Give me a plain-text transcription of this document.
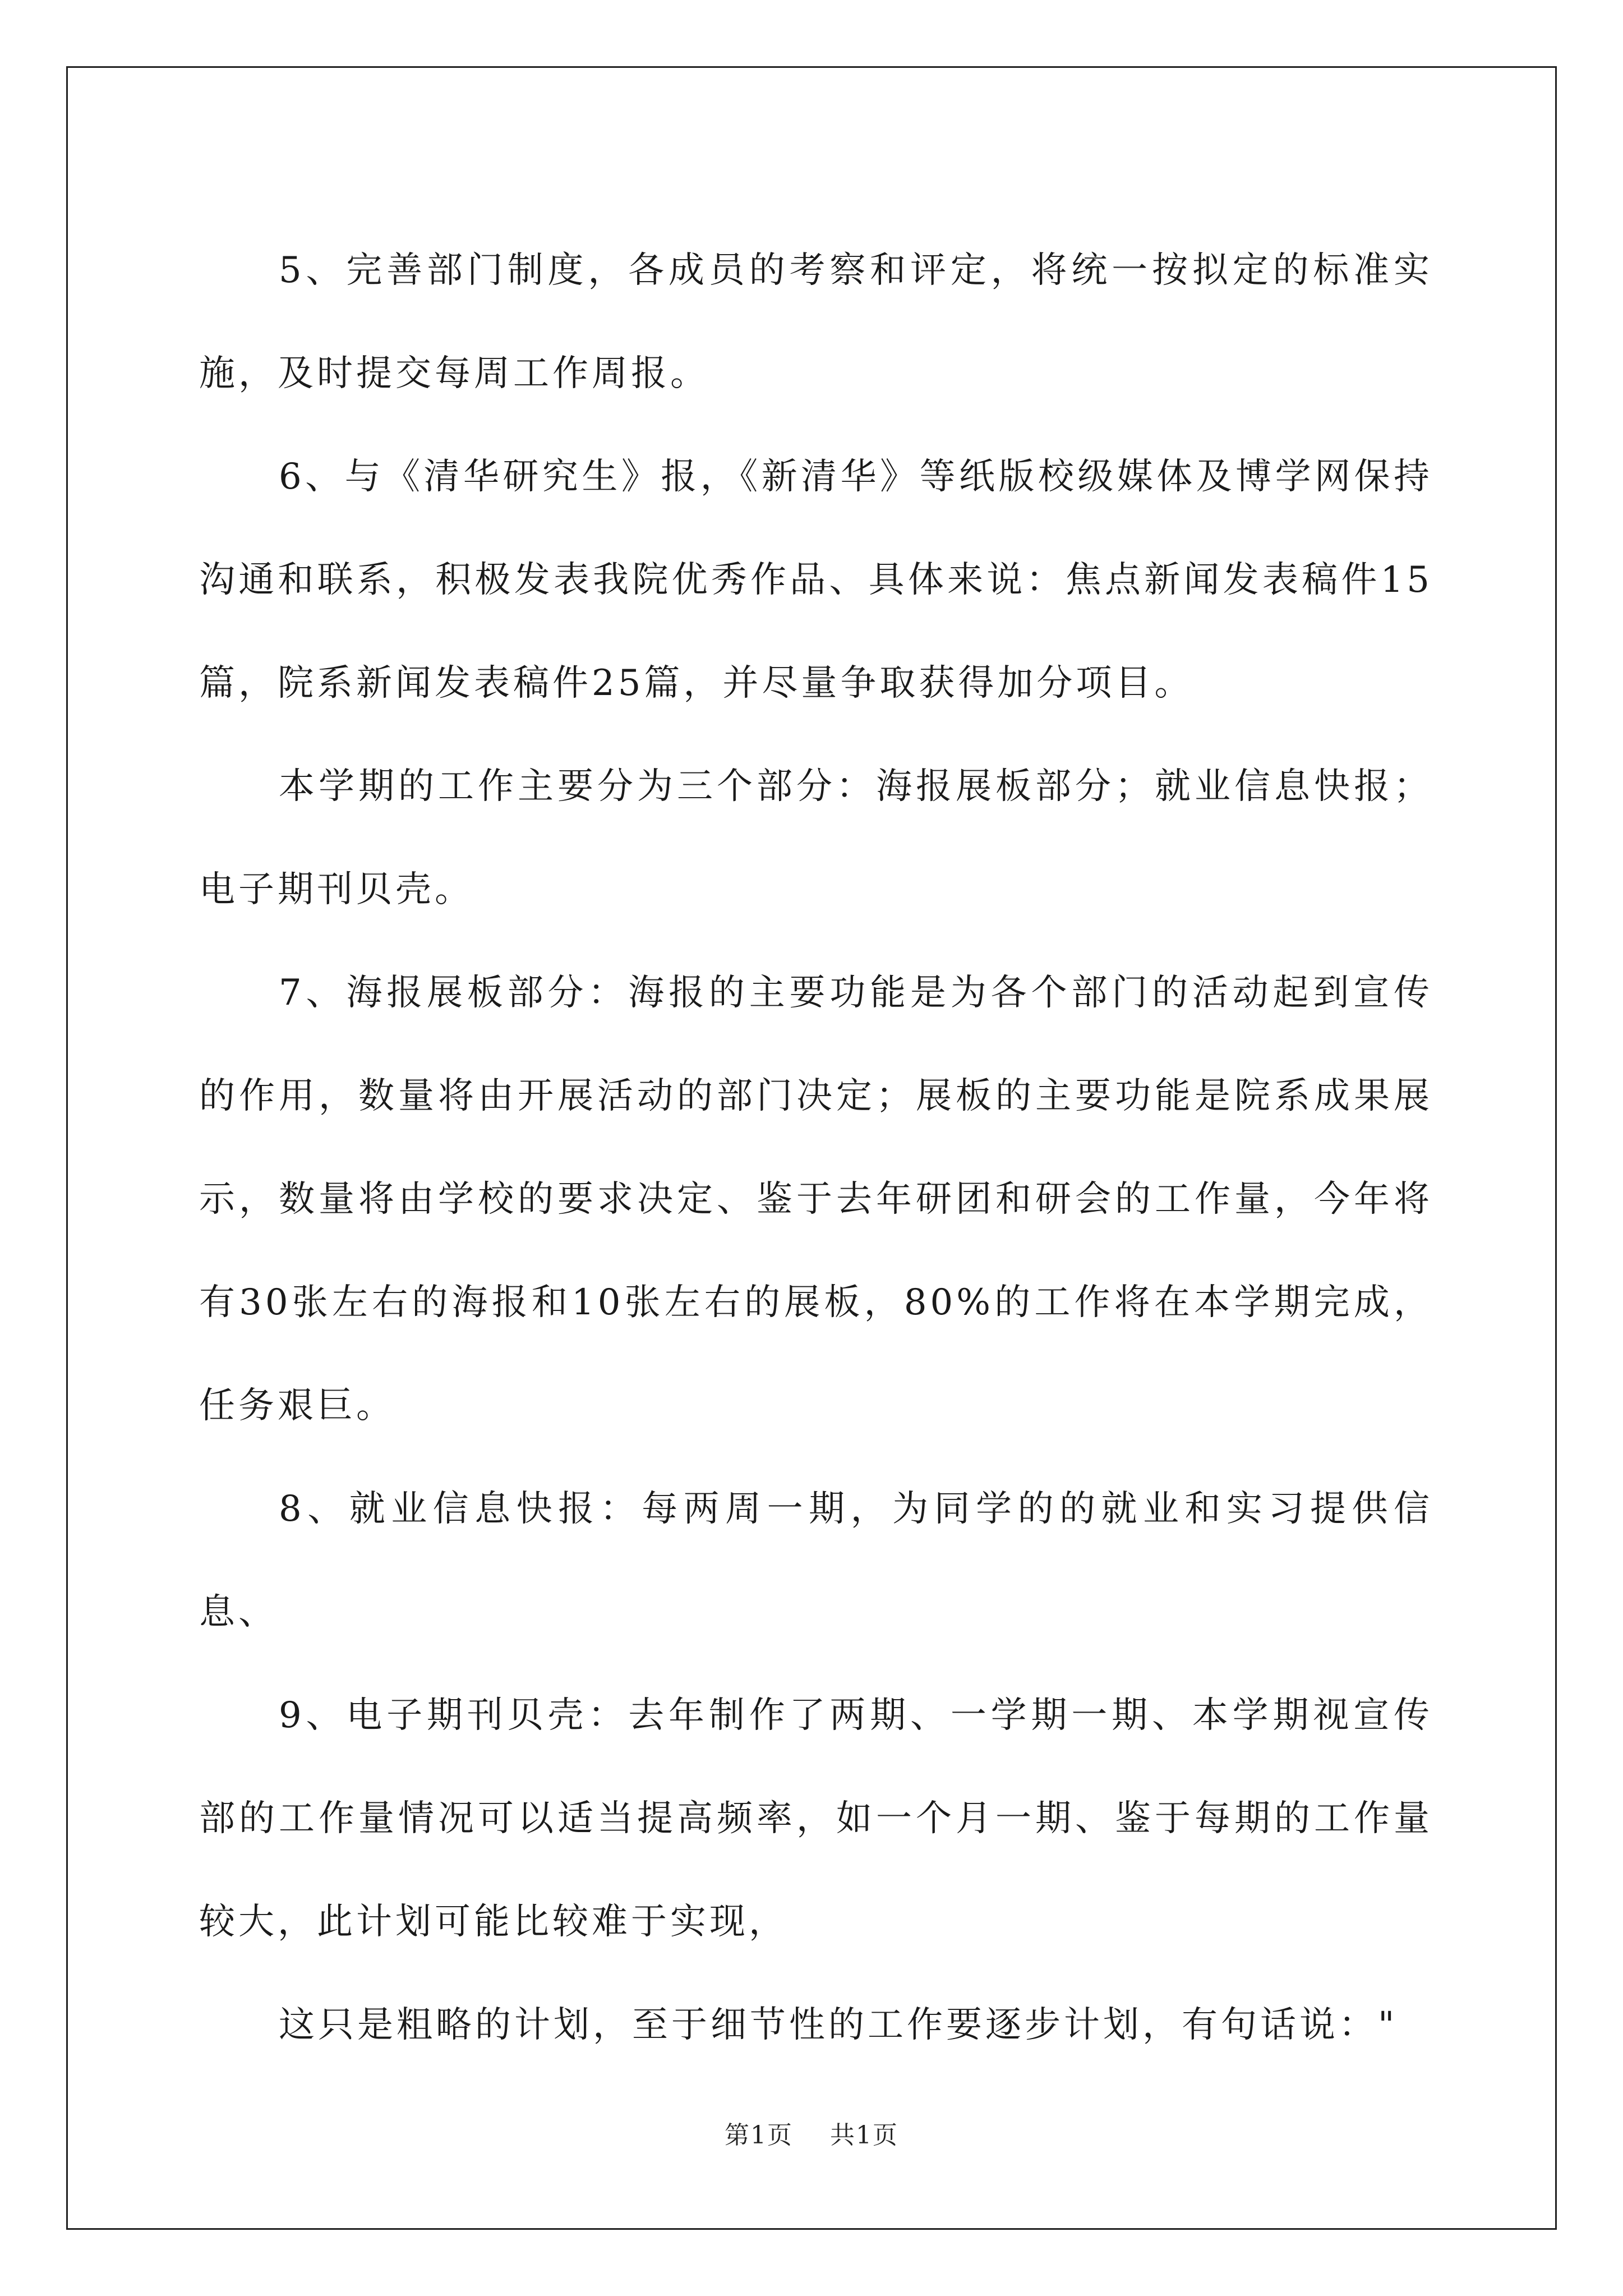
5、完善部门制度，各成员的考察和评定，将统一按拟定的标准实施，及时提交每周工作周报。

6、与《清华研究生》报，《新清华》等纸版校级媒体及博学网保持沟通和联系，积极发表我院优秀作品、具体来说：焦点新闻发表稿件15篇，院系新闻发表稿件25篇，并尽量争取获得加分项目。

本学期的工作主要分为三个部分：海报展板部分；就业信息快报；电子期刊贝壳。

7、海报展板部分：海报的主要功能是为各个部门的活动起到宣传的作用，数量将由开展活动的部门决定；展板的主要功能是院系成果展示，数量将由学校的要求决定、鉴于去年研团和研会的工作量，今年将有30张左右的海报和10张左右的展板，80%的工作将在本学期完成，任务艰巨。

8、就业信息快报：每两周一期，为同学的的就业和实习提供信息、

9、电子期刊贝壳：去年制作了两期、一学期一期、本学期视宣传部的工作量情况可以适当提高频率，如一个月一期、鉴于每期的工作量较大，此计划可能比较难于实现，

这只是粗略的计划，至于细节性的工作要逐步计划，有句话说："

第1页 共1页
